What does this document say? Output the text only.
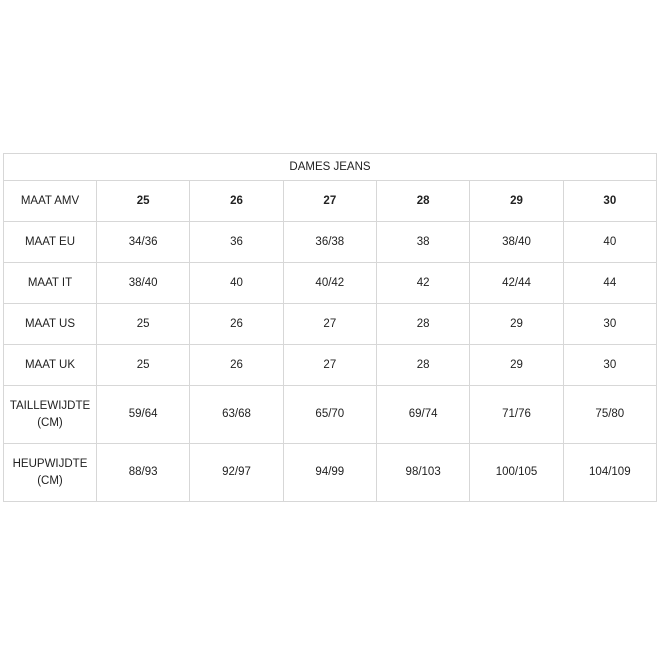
DAMES JEANS						
MAAT AMV	25	26	27	28	29	30
MAAT EU	34/36	36	36/38	38	38/40	40
MAAT IT	38/40	40	40/42	42	42/44	44
MAAT US	25	26	27	28	29	30
MAAT UK	25	26	27	28	29	30
TAILLEWIJDTE
(CM)	59/64	63/68	65/70	69/74	71/76	75/80
HEUPWIJDTE
(CM)	88/93	92/97	94/99	98/103	100/105	104/109
